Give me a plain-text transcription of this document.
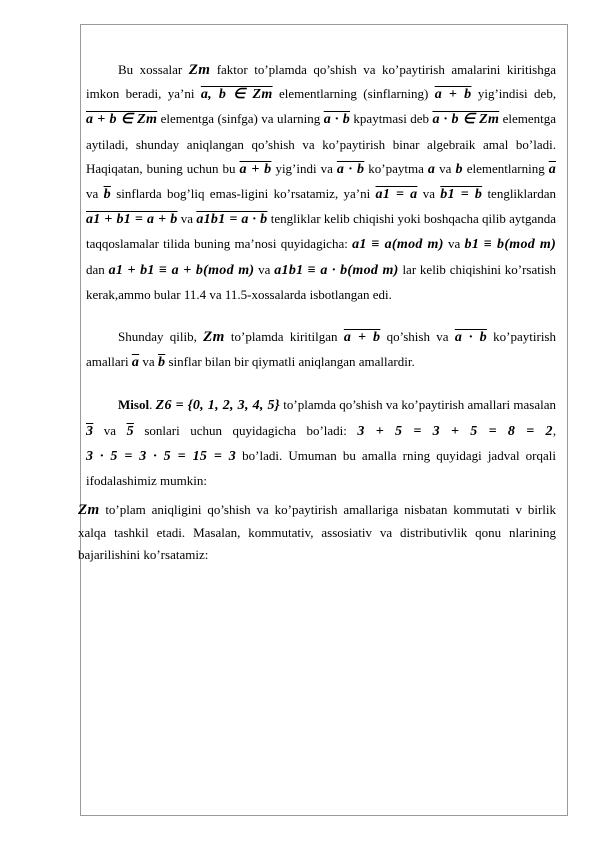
Bu xossalar Zm faktor to’plamda qo’shish va ko’paytirish amalarini kiritishga imkon beradi, ya’ni a, b ∈ Zm elementlarning (sinflarning) a + b yig’indisi deb, a + b ∈ Zm elementga (sinfga) va ularning a · b kpaytmasi deb a · b ∈ Zm elementga aytiladi, shunday aniqlangan qo’shish va ko’paytirish binar algebraik amal bo’ladi. Haqiqatan, buning uchun bu a + b yig’indi va a · b ko’paytma a va b elementlarning $\overline{a}$ va $\overline{b}$ sinflarda bog’liq emas-ligini ko’rsatamiz, ya’ni a1 = a va b1 = b tengliklardan a1 + b1 = a + b va a1b1 = a · b tengliklar kelib chiqishi yoki boshqacha qilib aytganda taqqoslamalar tilida buning ma’nosi quyidagicha: a1 ≡ a(mod m) va b1 ≡ b(mod m) dan a1 + b1 ≡ a + b(mod m) va a1b1 ≡ a · b(mod m) lar kelib chiqishini ko’rsatish kerak,ammo bular 11.4 va 11.5-xossalarda isbotlangan edi.

Shunday qilib, Zm to’plamda kiritilgan a + b qo’shish va a · b ko’paytirish amallari $\overline{a}$ va $\overline{b}$ sinflar bilan bir qiymatli aniqlangan amallardir.

Misol. Z6 = {0, 1, 2, 3, 4, 5} to’plamda qo’shish va ko’paytirish amallari masalan 3 va 5 sonlari uchun quyidagicha bo’ladi: 3 + 5 = 3 + 5 = 8 = 2, 3 · 5 = 3 · 5 = 15 = 3 bo’ladi. Umuman bu amalla rning quyidagi jadval orqali ifodalashimiz mumkin:

Zm to’plam aniqligini qo’shish va ko’paytirish amallariga nisbatan kommutati v birlik xalqa tashkil etadi. Masalan, kommutativ, assosiativ va distributivlik qonu nlarining bajarilishini ko’rsatamiz:
